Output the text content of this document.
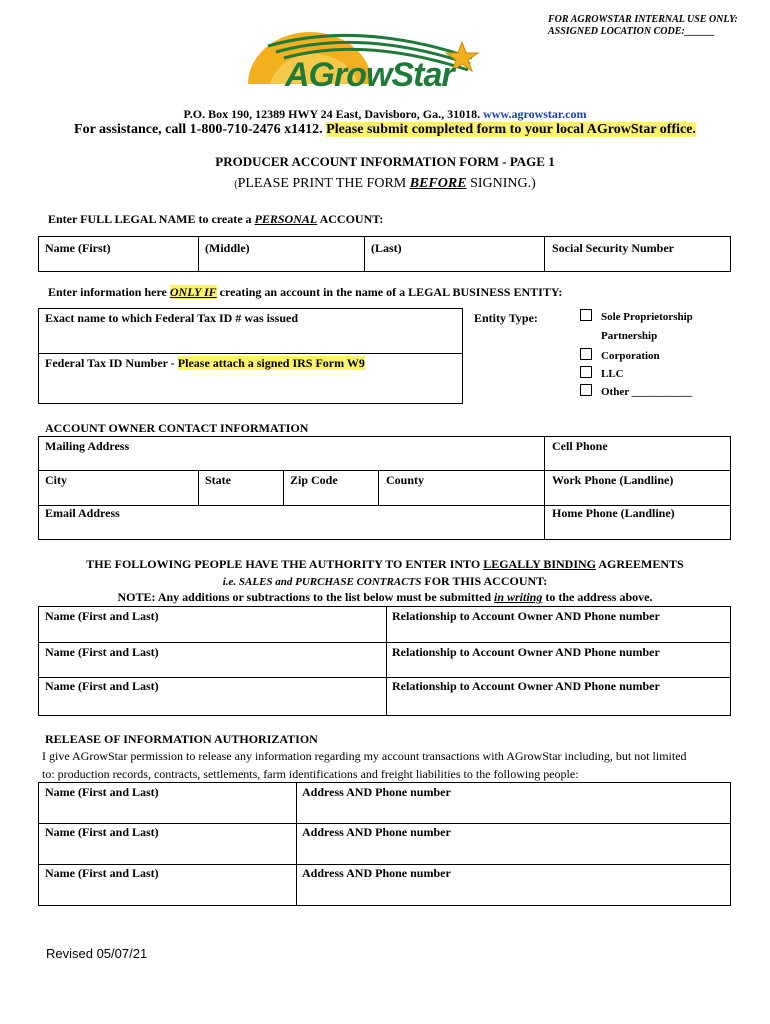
FOR AGROWSTAR INTERNAL USE ONLY:
ASSIGNED LOCATION CODE:______
AGrowStar
P.O. Box 190, 12389 HWY 24 East, Davisboro, Ga., 31018. www.agrowstar.com
For assistance, call 1-800-710-2476 x1412. Please submit completed form to your local AGrowStar office.
PRODUCER ACCOUNT INFORMATION FORM - PAGE 1
(PLEASE PRINT THE FORM BEFORE SIGNING.)
Enter FULL LEGAL NAME to create a PERSONAL ACCOUNT:
Name (First)	(Middle)	(Last)	Social Security Number
Enter information here ONLY IF creating an account in the name of a LEGAL BUSINESS ENTITY:
Exact name to which Federal Tax ID # was issued
Federal Tax ID Number - Please attach a signed IRS Form W9
Entity Type:	Sole Proprietorship
Partnership
Corporation
LLC
Other ___________
ACCOUNT OWNER CONTACT INFORMATION
Mailing Address	Cell Phone
City	State	Zip Code	County	Work Phone (Landline)
Email Address	Home Phone (Landline)
THE FOLLOWING PEOPLE HAVE THE AUTHORITY TO ENTER INTO LEGALLY BINDING AGREEMENTS
i.e. SALES and PURCHASE CONTRACTS FOR THIS ACCOUNT:
NOTE: Any additions or subtractions to the list below must be submitted in writing to the address above.
Name (First and Last)	Relationship to Account Owner AND Phone number
Name (First and Last)	Relationship to Account Owner AND Phone number
Name (First and Last)	Relationship to Account Owner AND Phone number
RELEASE OF INFORMATION AUTHORIZATION
I give AGrowStar permission to release any information regarding my account transactions with AGrowStar including, but not limited
to: production records, contracts, settlements, farm identifications and freight liabilities to the following people:
Name (First and Last)	Address AND Phone number
Name (First and Last)	Address AND Phone number
Name (First and Last)	Address AND Phone number
Revised 05/07/21
